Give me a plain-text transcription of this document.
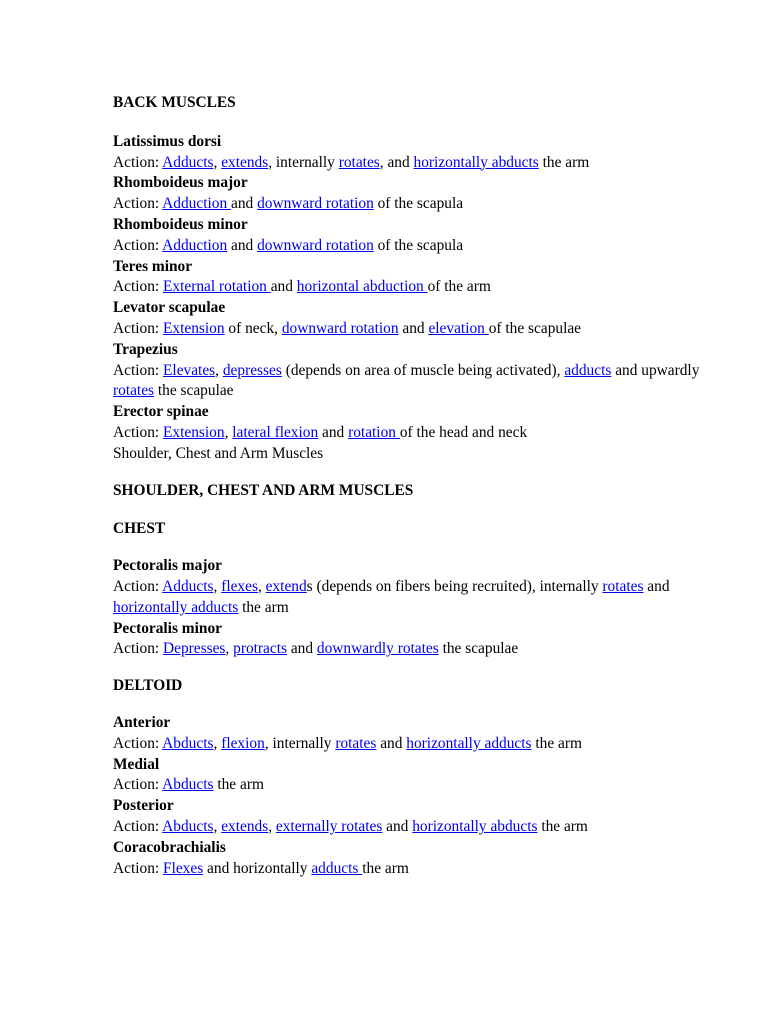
BACK MUSCLES
Latissimus dorsi
Action: Adducts, extends, internally rotates, and horizontally abducts the arm
Rhomboideus major
Action: Adduction and downward rotation of the scapula
Rhomboideus minor
Action: Adduction and downward rotation of the scapula
Teres minor
Action: External rotation and horizontal abduction of the arm
Levator scapulae
Action: Extension of neck, downward rotation and elevation of the scapulae
Trapezius
Action: Elevates, depresses (depends on area of muscle being activated), adducts and upwardly rotates the scapulae
Erector spinae
Action: Extension, lateral flexion and rotation of the head and neck
Shoulder, Chest and Arm Muscles
SHOULDER, CHEST AND ARM MUSCLES
CHEST
Pectoralis major
Action: Adducts, flexes, extends (depends on fibers being recruited), internally rotates and horizontally adducts the arm
Pectoralis minor
Action: Depresses, protracts and downwardly rotates the scapulae
DELTOID
Anterior
Action: Abducts, flexion, internally rotates and horizontally adducts the arm
Medial
Action: Abducts the arm
Posterior
Action: Abducts, extends, externally rotates and horizontally abducts the arm
Coracobrachialis
Action: Flexes and horizontally adducts the arm
